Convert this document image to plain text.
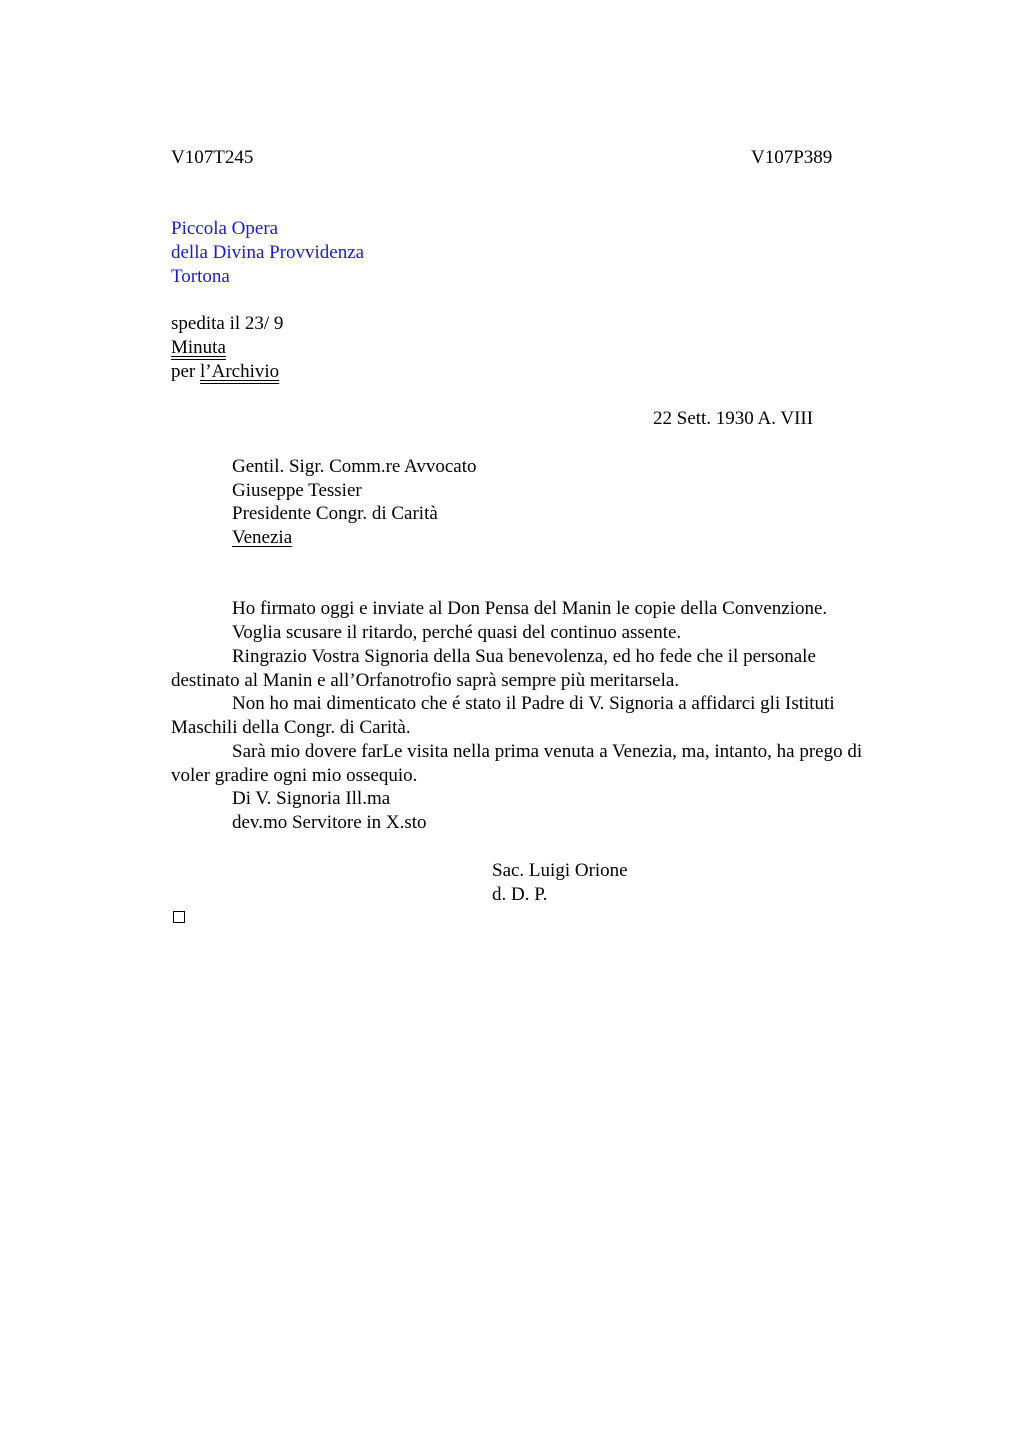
V107T245	V107P389
Piccola Opera
della Divina Provvidenza
Tortona
spedita il 23/ 9
Minuta
per l’Archivio
22 Sett. 1930 A. VIII
Gentil. Sigr. Comm.re Avvocato
Giuseppe Tessier
Presidente Congr. di Carità
Venezia
Ho firmato oggi e inviate al Don Pensa del Manin le copie della Convenzione.
Voglia scusare il ritardo, perché quasi del continuo assente.
Ringrazio Vostra Signoria della Sua benevolenza, ed ho fede che il personale
destinato al Manin e all’Orfanotrofio saprà sempre più meritarsela.
Non ho mai dimenticato che é stato il Padre di V. Signoria a affidarci gli Istituti
Maschili della Congr. di Carità.
Sarà mio dovere farLe visita nella prima venuta a Venezia, ma, intanto, ha prego di
voler gradire ogni mio ossequio.
Di V. Signoria Ill.ma
dev.mo Servitore in X.sto
Sac. Luigi Orione
d. D. P.
